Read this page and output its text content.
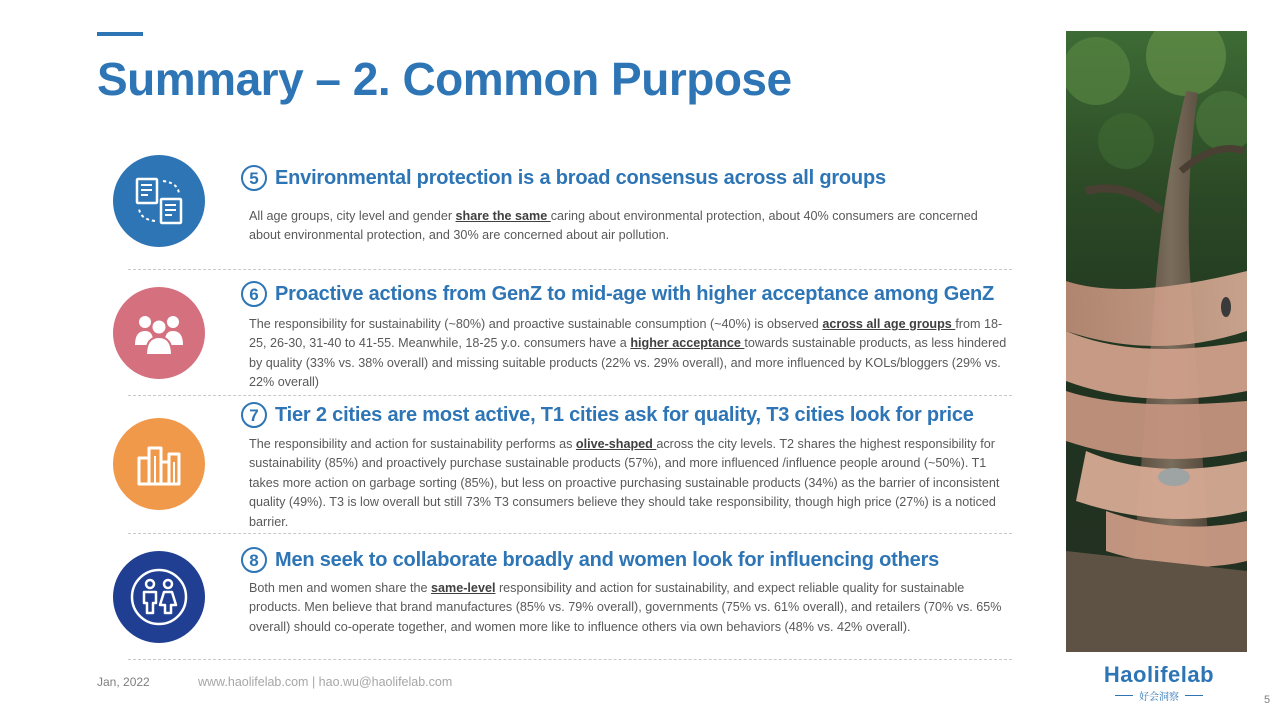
Summary – 2. Common Purpose
5 Environmental protection is a broad consensus across all groups

All age groups, city level and gender share the same caring about environmental protection, about 40% consumers are concerned about environmental protection, and 30% are concerned about air pollution.

6 Proactive actions from GenZ to mid-age with higher acceptance among GenZ

The responsibility for sustainability (~80%) and proactive sustainable consumption (~40%) is observed across all age groups from 18-25, 26-30, 31-40 to 41-55. Meanwhile, 18-25 y.o. consumers have a higher acceptance towards sustainable products, as less hindered by quality (33% vs. 38% overall) and missing suitable products (22% vs. 29% overall), and more influenced by KOLs/bloggers (29% vs. 22% overall)

7 Tier 2 cities are most active, T1 cities ask for quality, T3 cities look for price

The responsibility and action for sustainability performs as olive-shaped across the city levels. T2 shares the highest responsibility for sustainability (85%) and proactively purchase sustainable products (57%), and more influenced /influence people around (~50%). T1 takes more action on garbage sorting (85%), but less on proactive purchasing sustainable products (34%) as the barrier of inconsistent quality (49%). T3 is low overall but still 73% T3 consumers believe they should take responsibility, though high price (27%) is a noticed barrier.

8 Men seek to collaborate broadly and women look for influencing others

Both men and women share the same-level responsibility and action for sustainability, and expect reliable quality for sustainable products. Men believe that brand manufactures (85% vs. 79% overall), governments (75% vs. 61% overall), and retailers (70% vs. 65% overall) should co-operate together, and women more like to influence others via own behaviors (48% vs. 42% overall).

Jan, 2022	www.haolifelab.com | hao.wu@haolifelab.com	Haolifelab
好会洞察	5
